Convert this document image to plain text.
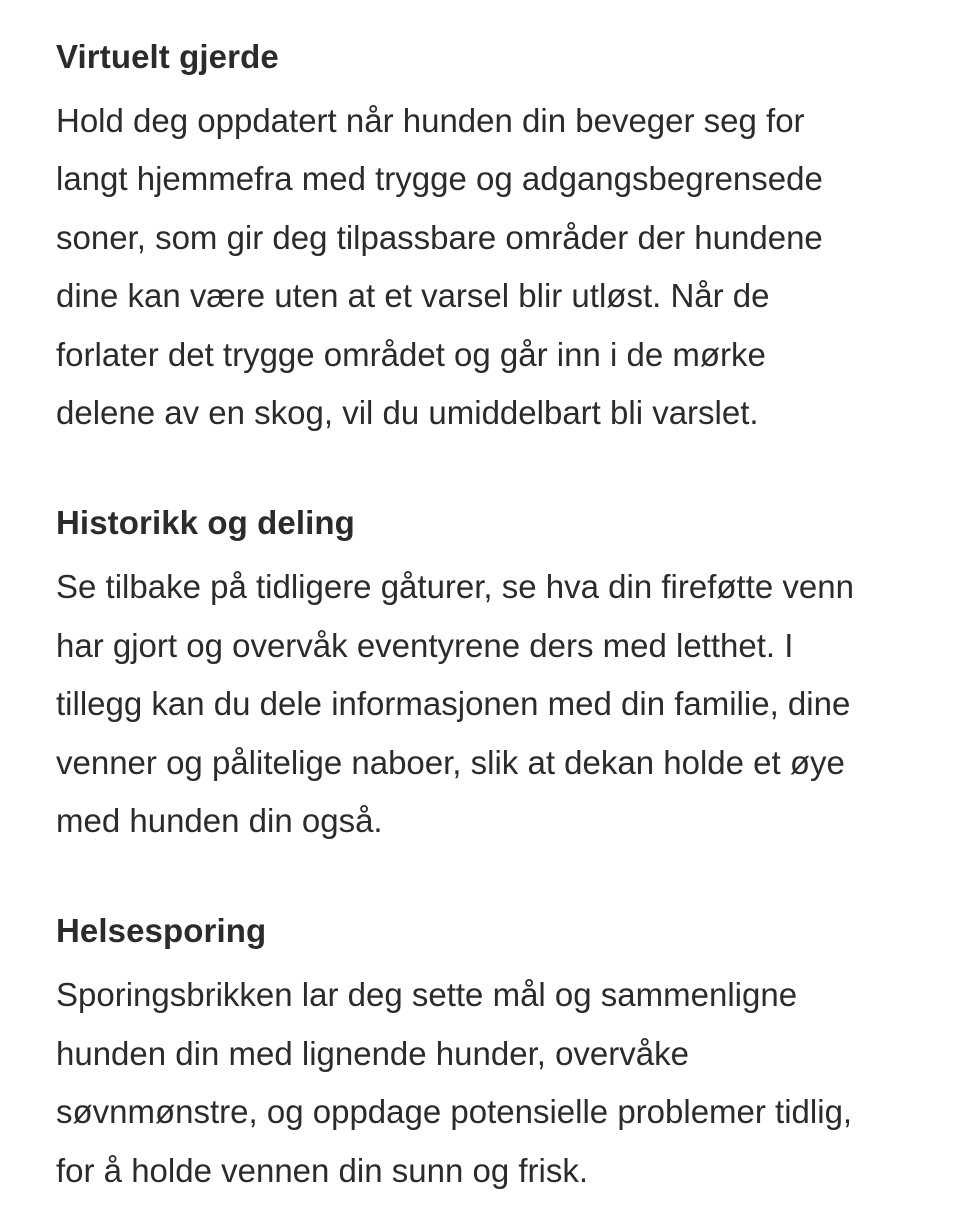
Virtuelt gjerde

Hold deg oppdatert når hunden din beveger seg for
langt hjemmefra med trygge og adgangsbegrensede
soner, som gir deg tilpassbare områder der hundene
dine kan være uten at et varsel blir utløst. Når de
forlater det trygge området og går inn i de mørke
delene av en skog, vil du umiddelbart bli varslet.

Historikk og deling

Se tilbake på tidligere gåturer, se hva din fireføtte venn
har gjort og overvåk eventyrene ders med letthet. I
tillegg kan du dele informasjonen med din familie, dine
venner og pålitelige naboer, slik at dekan holde et øye
med hunden din også.

Helsesporing

Sporingsbrikken lar deg sette mål og sammenligne
hunden din med lignende hunder, overvåke
søvnmønstre, og oppdage potensielle problemer tidlig,
for å holde vennen din sunn og frisk.
